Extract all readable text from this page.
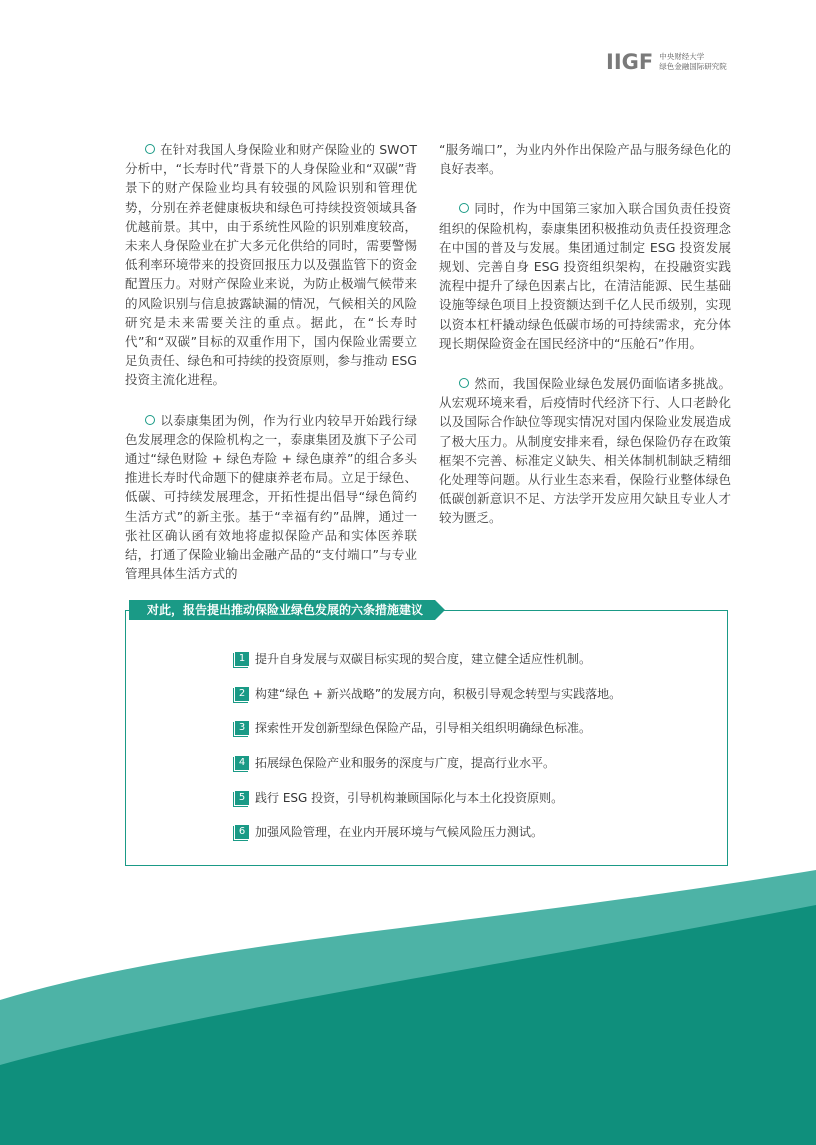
IIGF 中央财经大学
绿色金融国际研究院

在针对我国人身保险业和财产保险业的 SWOT 分析中，“长寿时代”背景下的人身保险业和“双碳”背景下的财产保险业均具有较强的风险识别和管理优势，分别在养老健康板块和绿色可持续投资领域具备优越前景。其中，由于系统性风险的识别难度较高，未来人身保险业在扩大多元化供给的同时，需要警惕低利率环境带来的投资回报压力以及强监管下的资金配置压力。对财产保险业来说，为防止极端气候带来的风险识别与信息披露缺漏的情况，气候相关的风险研究是未来需要关注的重点。据此，在“长寿时代”和“双碳”目标的双重作用下，国内保险业需要立足负责任、绿色和可持续的投资原则，参与推动 ESG 投资主流化进程。

以泰康集团为例，作为行业内较早开始践行绿色发展理念的保险机构之一，泰康集团及旗下子公司通过“绿色财险 + 绿色寿险 + 绿色康养”的组合多头推进长寿时代命题下的健康养老布局。立足于绿色、低碳、可持续发展理念，开拓性提出倡导“绿色简约生活方式”的新主张。基于“幸福有约”品牌，通过一张社区确认函有效地将虚拟保险产品和实体医养联结，打通了保险业输出金融产品的“支付端口”与专业管理具体生活方式的

“服务端口”，为业内外作出保险产品与服务绿色化的良好表率。

同时，作为中国第三家加入联合国负责任投资组织的保险机构，泰康集团积极推动负责任投资理念在中国的普及与发展。集团通过制定 ESG 投资发展规划、完善自身 ESG 投资组织架构，在投融资实践流程中提升了绿色因素占比，在清洁能源、民生基础设施等绿色项目上投资额达到千亿人民币级别，实现以资本杠杆撬动绿色低碳市场的可持续需求，充分体现长期保险资金在国民经济中的“压舱石”作用。

然而，我国保险业绿色发展仍面临诸多挑战。从宏观环境来看，后疫情时代经济下行、人口老龄化以及国际合作缺位等现实情况对国内保险业发展造成了极大压力。从制度安排来看，绿色保险仍存在政策框架不完善、标准定义缺失、相关体制机制缺乏精细化处理等问题。从行业生态来看，保险行业整体绿色低碳创新意识不足、方法学开发应用欠缺且专业人才较为匮乏。

对此，报告提出推动保险业绿色发展的六条措施建议
1 提升自身发展与双碳目标实现的契合度，建立健全适应性机制。
2 构建“绿色 + 新兴战略”的发展方向，积极引导观念转型与实践落地。
3 探索性开发创新型绿色保险产品，引导相关组织明确绿色标准。
4 拓展绿色保险产业和服务的深度与广度，提高行业水平。
5 践行 ESG 投资，引导机构兼顾国际化与本土化投资原则。
6 加强风险管理，在业内开展环境与气候风险压力测试。
